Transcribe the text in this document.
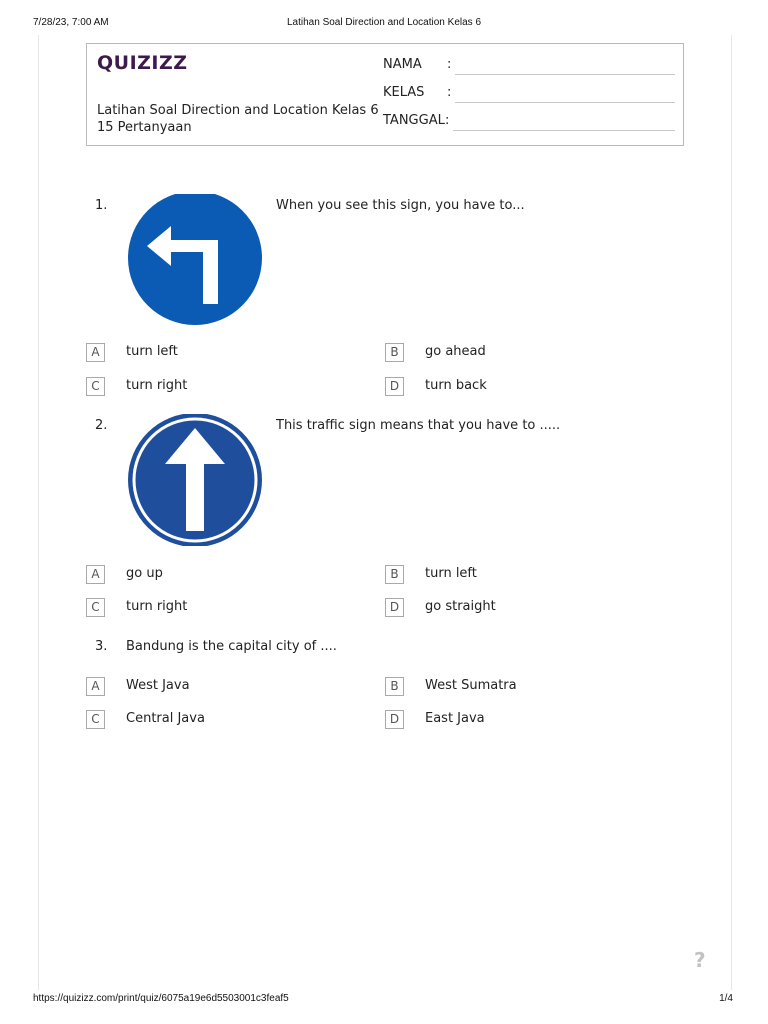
7/28/23, 7:00 AM	Latihan Soal Direction and Location Kelas 6
QUIZIZZ
Latihan Soal Direction and Location Kelas 6
15 Pertanyaan
NAMA :
KELAS :
TANGGAL :
1.	When you see this sign, you have to...
A	turn left	B	go ahead
C	turn right	D	turn back
2.	This traffic sign means that you have to .....
A	go up	B	turn left
C	turn right	D	go straight
3. Bandung is the capital city of ....
A	West Java	B	West Sumatra
C	Central Java	D	East Java
?
https://quizizz.com/print/quiz/6075a19e6d5503001c3feaf5	1/4
